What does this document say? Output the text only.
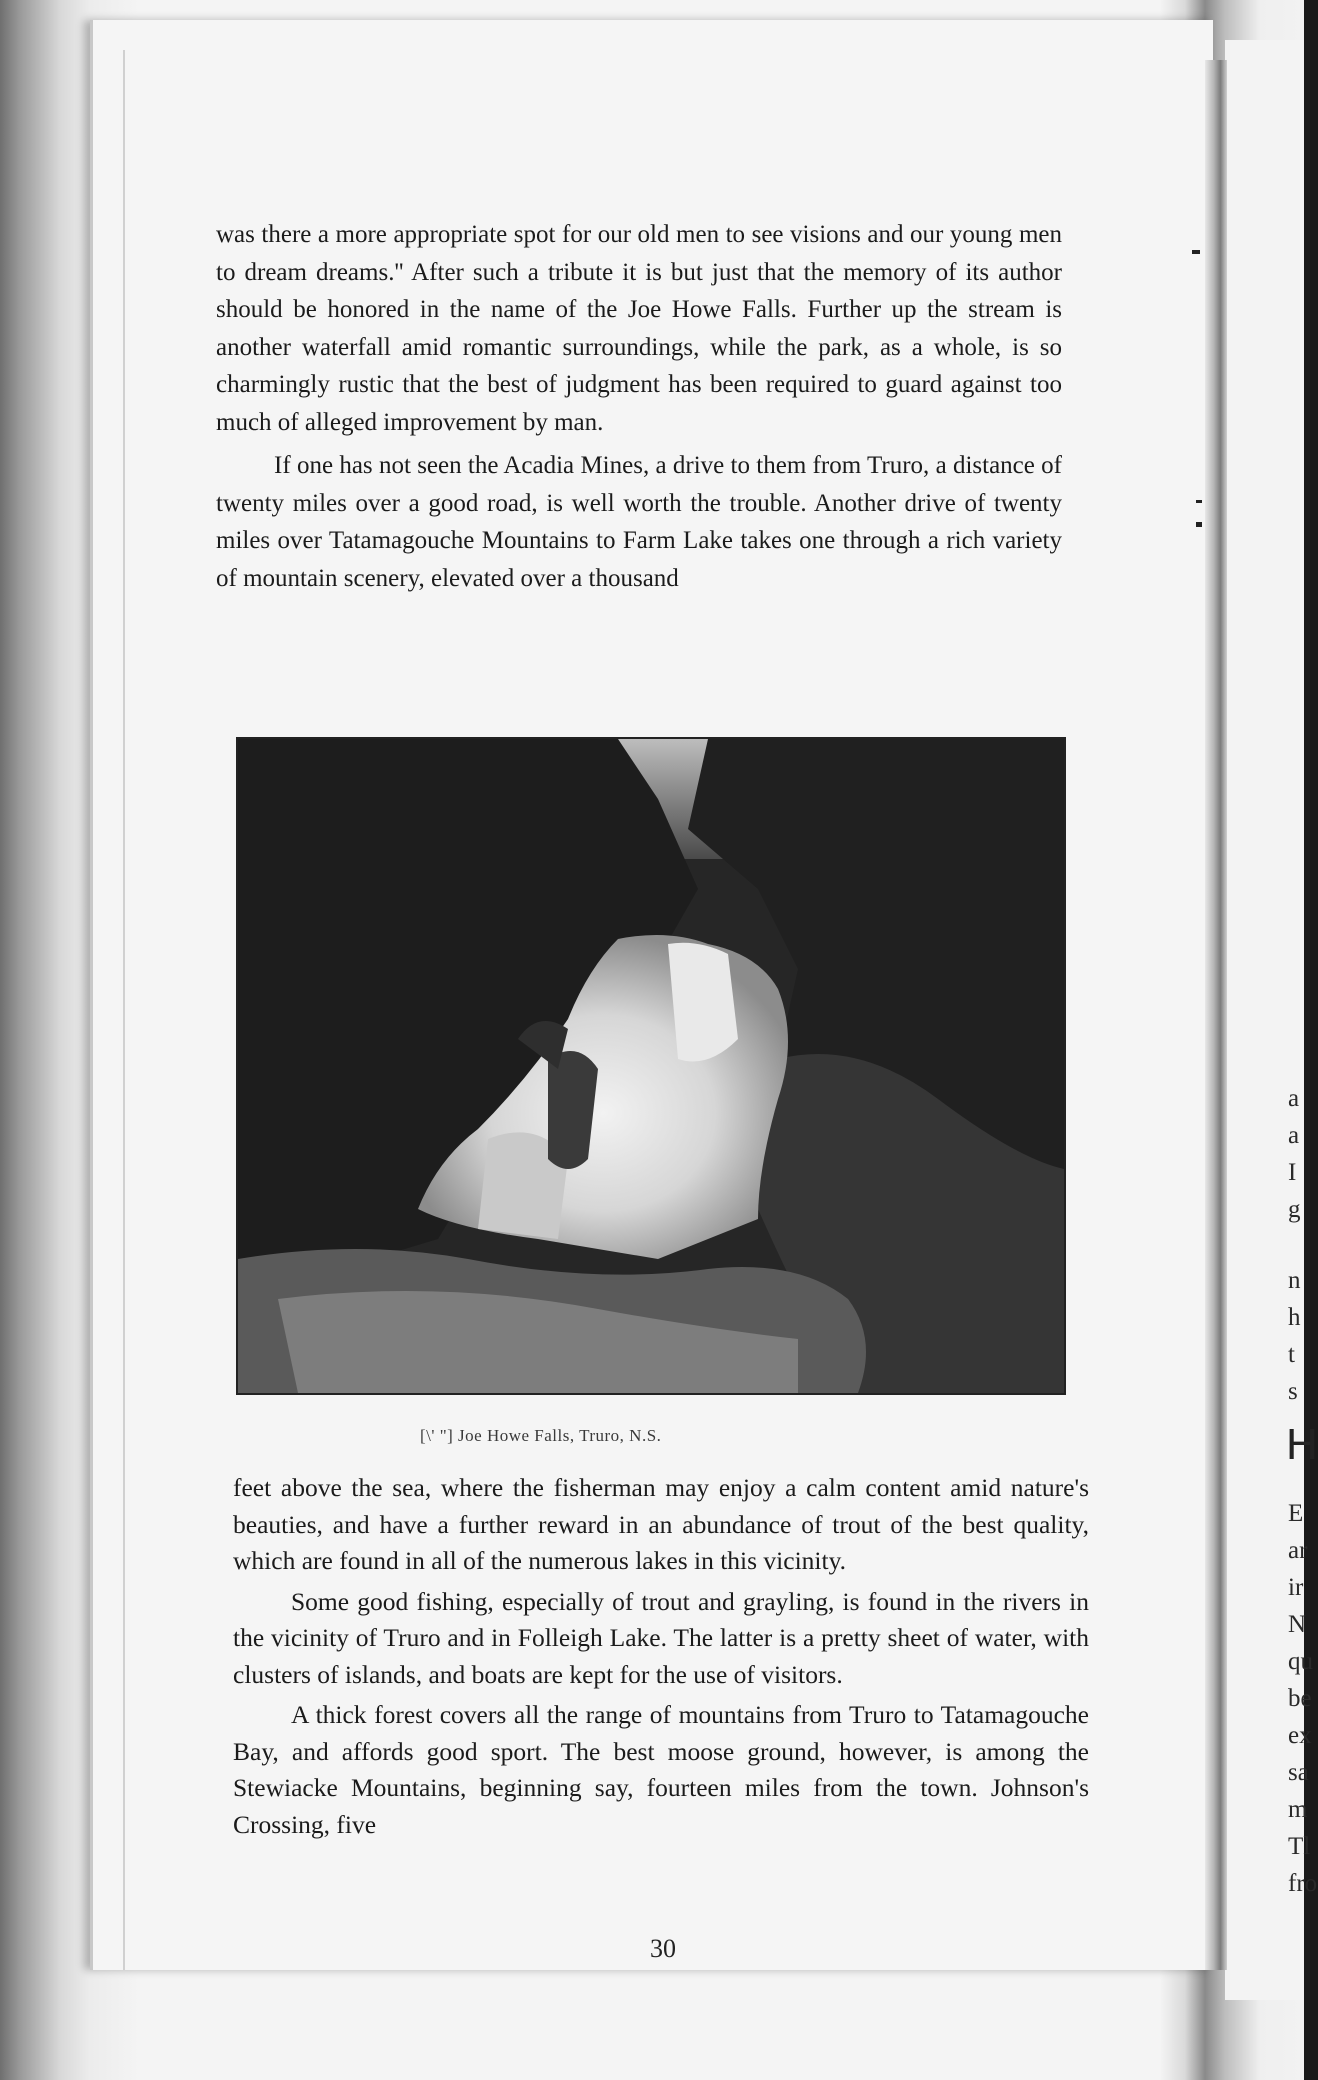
was there a more appropriate spot for our old men to see visions and our young men to dream dreams.'' After such a tribute it is but just that the memory of its author should be honored in the name of the Joe Howe Falls. Further up the stream is another waterfall amid romantic surroundings, while the park, as a whole, is so charmingly rustic that the best of judgment has been required to guard against too much of alleged improvement by man.

If one has not seen the Acadia Mines, a drive to them from Truro, a distance of twenty miles over a good road, is well worth the trouble. Another drive of twenty miles over Tatamagouche Mountains to Farm Lake takes one through a rich variety of mountain scenery, elevated over a thousand

[\' "] Joe Howe Falls, Truro, N.S.

feet above the sea, where the fisherman may enjoy a calm content amid nature's beauties, and have a further reward in an abundance of trout of the best quality, which are found in all of the numerous lakes in this vicinity.

Some good fishing, especially of trout and grayling, is found in the rivers in the vicinity of Truro and in Folleigh Lake. The latter is a pretty sheet of water, with clusters of islands, and boats are kept for the use of visitors.

A thick forest covers all the range of mountains from Truro to Tatamagouche Bay, and affords good sport. The best moose ground, however, is among the Stewiacke Mountains, beginning say, fourteen miles from the town. Johnson's Crossing, five

30
a
a
I
g
n
h
t
s
H
E
ar
ir
N
qu
be
ex
sa
m
Tl
fro
